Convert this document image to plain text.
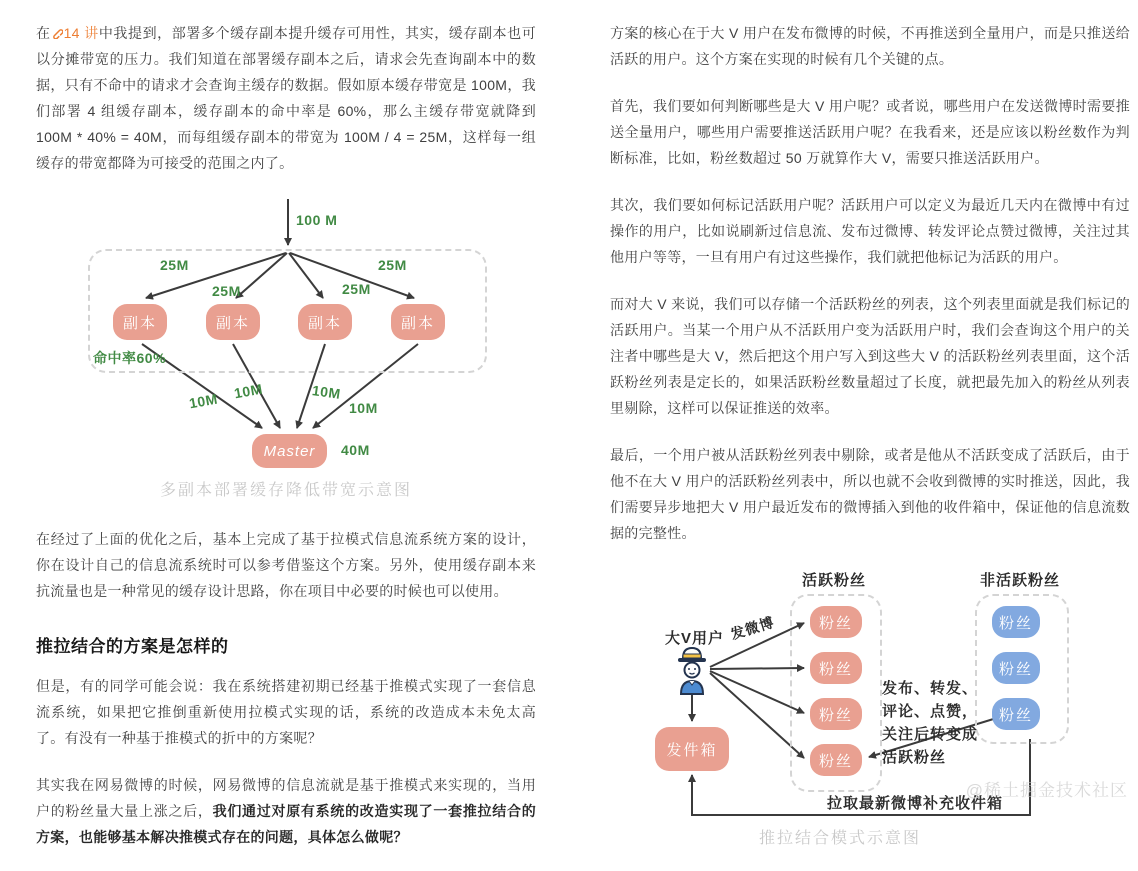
在 14 讲中我提到，部署多个缓存副本提升缓存可用性，其实，缓存副本也可以分摊带宽的压力。我们知道在部署缓存副本之后，请求会先查询副本中的数据，只有不命中的请求才会查询主缓存的数据。假如原本缓存带宽是 100M，我们部署 4 组缓存副本，缓存副本的命中率是 60%，那么主缓存带宽就降到 100M * 40% = 40M，而每组缓存副本的带宽为 100M / 4 = 25M，这样每一组缓存的带宽都降为可接受的范围之内了。

100 M
25M
25M	25M
25M
命中率60%
副本	副本	副本	副本
10M 10M	10M
10M
Master	40M
多副本部署缓存降低带宽示意图

在经过了上面的优化之后，基本上完成了基于拉模式信息流系统方案的设计，你在设计自己的信息流系统时可以参考借鉴这个方案。另外，使用缓存副本来抗流量也是一种常见的缓存设计思路，你在项目中必要的时候也可以使用。

推拉结合的方案是怎样的

但是，有的同学可能会说：我在系统搭建初期已经基于推模式实现了一套信息流系统，如果把它推倒重新使用拉模式实现的话，系统的改造成本未免太高了。有没有一种基于推模式的折中的方案呢？

其实我在网易微博的时候，网易微博的信息流就是基于推模式来实现的，当用户的粉丝量大量上涨之后，我们通过对原有系统的改造实现了一套推拉结合的方案，也能够基本解决推模式存在的问题，具体怎么做呢？

方案的核心在于大 V 用户在发布微博的时候，不再推送到全量用户，而是只推送给活跃的用户。这个方案在实现的时候有几个关键的点。

首先，我们要如何判断哪些是大 V 用户呢？或者说，哪些用户在发送微博时需要推送全量用户，哪些用户需要推送活跃用户呢？在我看来，还是应该以粉丝数作为判断标准，比如，粉丝数超过 50 万就算作大 V，需要只推送活跃用户。

其次，我们要如何标记活跃用户呢？活跃用户可以定义为最近几天内在微博中有过操作的用户，比如说刷新过信息流、发布过微博、转发评论点赞过微博，关注过其他用户等等，一旦有用户有过这些操作，我们就把他标记为活跃的用户。

而对大 V 来说，我们可以存储一个活跃粉丝的列表，这个列表里面就是我们标记的活跃用户。当某一个用户从不活跃用户变为活跃用户时，我们会查询这个用户的关注者中哪些是大 V，然后把这个用户写入到这些大 V 的活跃粉丝列表里面，这个活跃粉丝列表是定长的，如果活跃粉丝数量超过了长度，就把最先加入的粉丝从列表里剔除，这样可以保证推送的效率。

最后，一个用户被从活跃粉丝列表中剔除，或者是他从不活跃变成了活跃后，由于他不在大 V 用户的活跃粉丝列表中，所以也就不会收到微博的实时推送，因此，我们需要异步地把大 V 用户最近发布的微博插入到他的收件箱中，保证他的信息流数据的完整性。

活跃粉丝	非活跃粉丝
大V用户 发微博	粉丝
粉丝
粉丝
粉丝
粉丝
粉丝
粉丝
发布、转发、
评论、点赞，
关注后转变成
活跃粉丝
发件箱
拉取最新微博补充收件箱
推拉结合模式示意图
@稀土掘金技术社区
